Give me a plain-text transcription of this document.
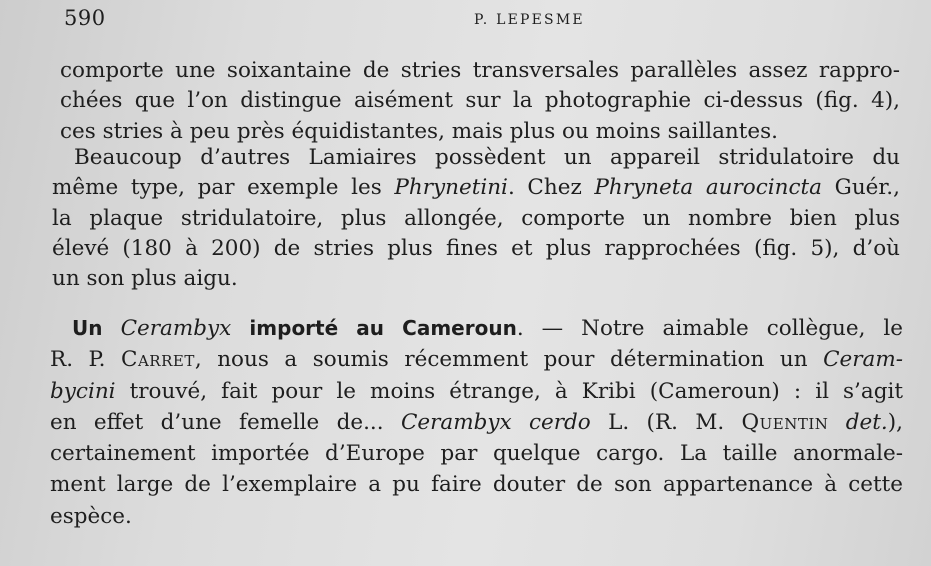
590	P. LEPESME

comporte une soixantaine de stries transversales parallèles assez rappro-
chées que l’on distingue aisément sur la photographie ci-dessus (fig. 4),
ces stries à peu près équidistantes, mais plus ou moins saillantes.

Beaucoup d’autres Lamiaires possèdent un appareil stridulatoire du
même type, par exemple les Phrynetini. Chez Phryneta aurocincta Guér.,
la plaque stridulatoire, plus allongée, comporte un nombre bien plus
élevé (180 à 200) de stries plus fines et plus rapprochées (fig. 5), d’où
un son plus aigu.

Un Cerambyx importé au Cameroun. — Notre aimable collègue, le
R. P. Carret, nous a soumis récemment pour détermination un Ceram-
bycini trouvé, fait pour le moins étrange, à Kribi (Cameroun) : il s’agit
en effet d’une femelle de... Cerambyx cerdo L. (R. M. Quentin det.),
certainement importée d’Europe par quelque cargo. La taille anormale-
ment large de l’exemplaire a pu faire douter de son appartenance à cette
espèce.
